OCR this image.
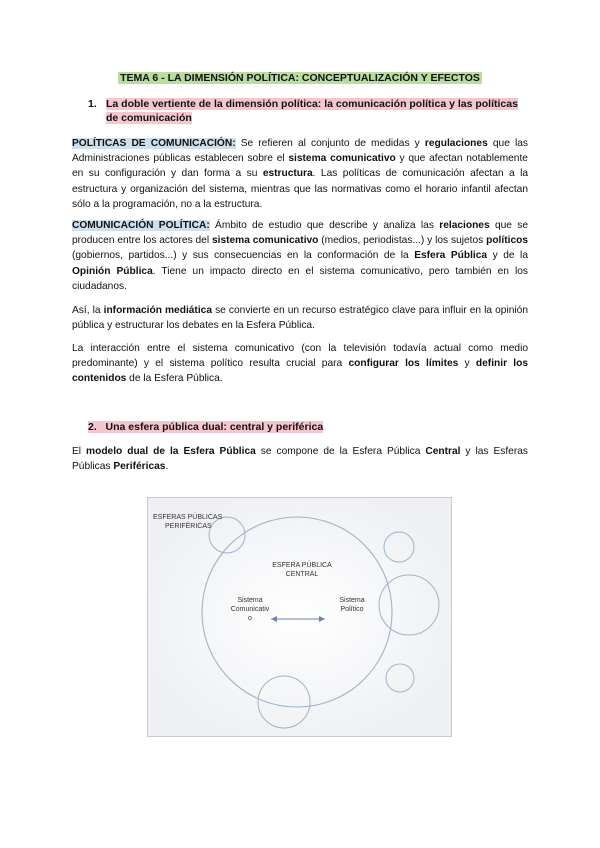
TEMA 6 - LA DIMENSIÓN POLÍTICA: CONCEPTUALIZACIÓN Y EFECTOS
1. La doble vertiente de la dimensión política: la comunicación política y las políticas de comunicación
POLÍTICAS DE COMUNICACIÓN: Se refieren al conjunto de medidas y regulaciones que las Administraciones públicas establecen sobre el sistema comunicativo y que afectan notablemente en su configuración y dan forma a su estructura. Las políticas de comunicación afectan a la estructura y organización del sistema, mientras que las normativas como el horario infantil afectan sólo a la programación, no a la estructura.
COMUNICACIÓN POLÍTICA: Ámbito de estudio que describe y analiza las relaciones que se producen entre los actores del sistema comunicativo (medios, periodistas...) y los sujetos políticos (gobiernos, partidos...) y sus consecuencias en la conformación de la Esfera Pública y de la Opinión Pública. Tiene un impacto directo en el sistema comunicativo, pero también en los ciudadanos.
Así, la información mediática se convierte en un recurso estratégico clave para influir en la opinión pública y estructurar los debates en la Esfera Pública.
La interacción entre el sistema comunicativo (con la televisión todavía actual como medio predominante) y el sistema político resulta crucial para configurar los límites y definir los contenidos de la Esfera Pública.
2. Una esfera pública dual: central y periférica
El modelo dual de la Esfera Pública se compone de la Esfera Pública Central y las Esferas Públicas Periféricas.
ESFERAS PÚBLICAS
PERIFÉRICAS
ESFERA PÚBLICA
CENTRAL
Sistema
Comunicativ
o
Sistema
Político
